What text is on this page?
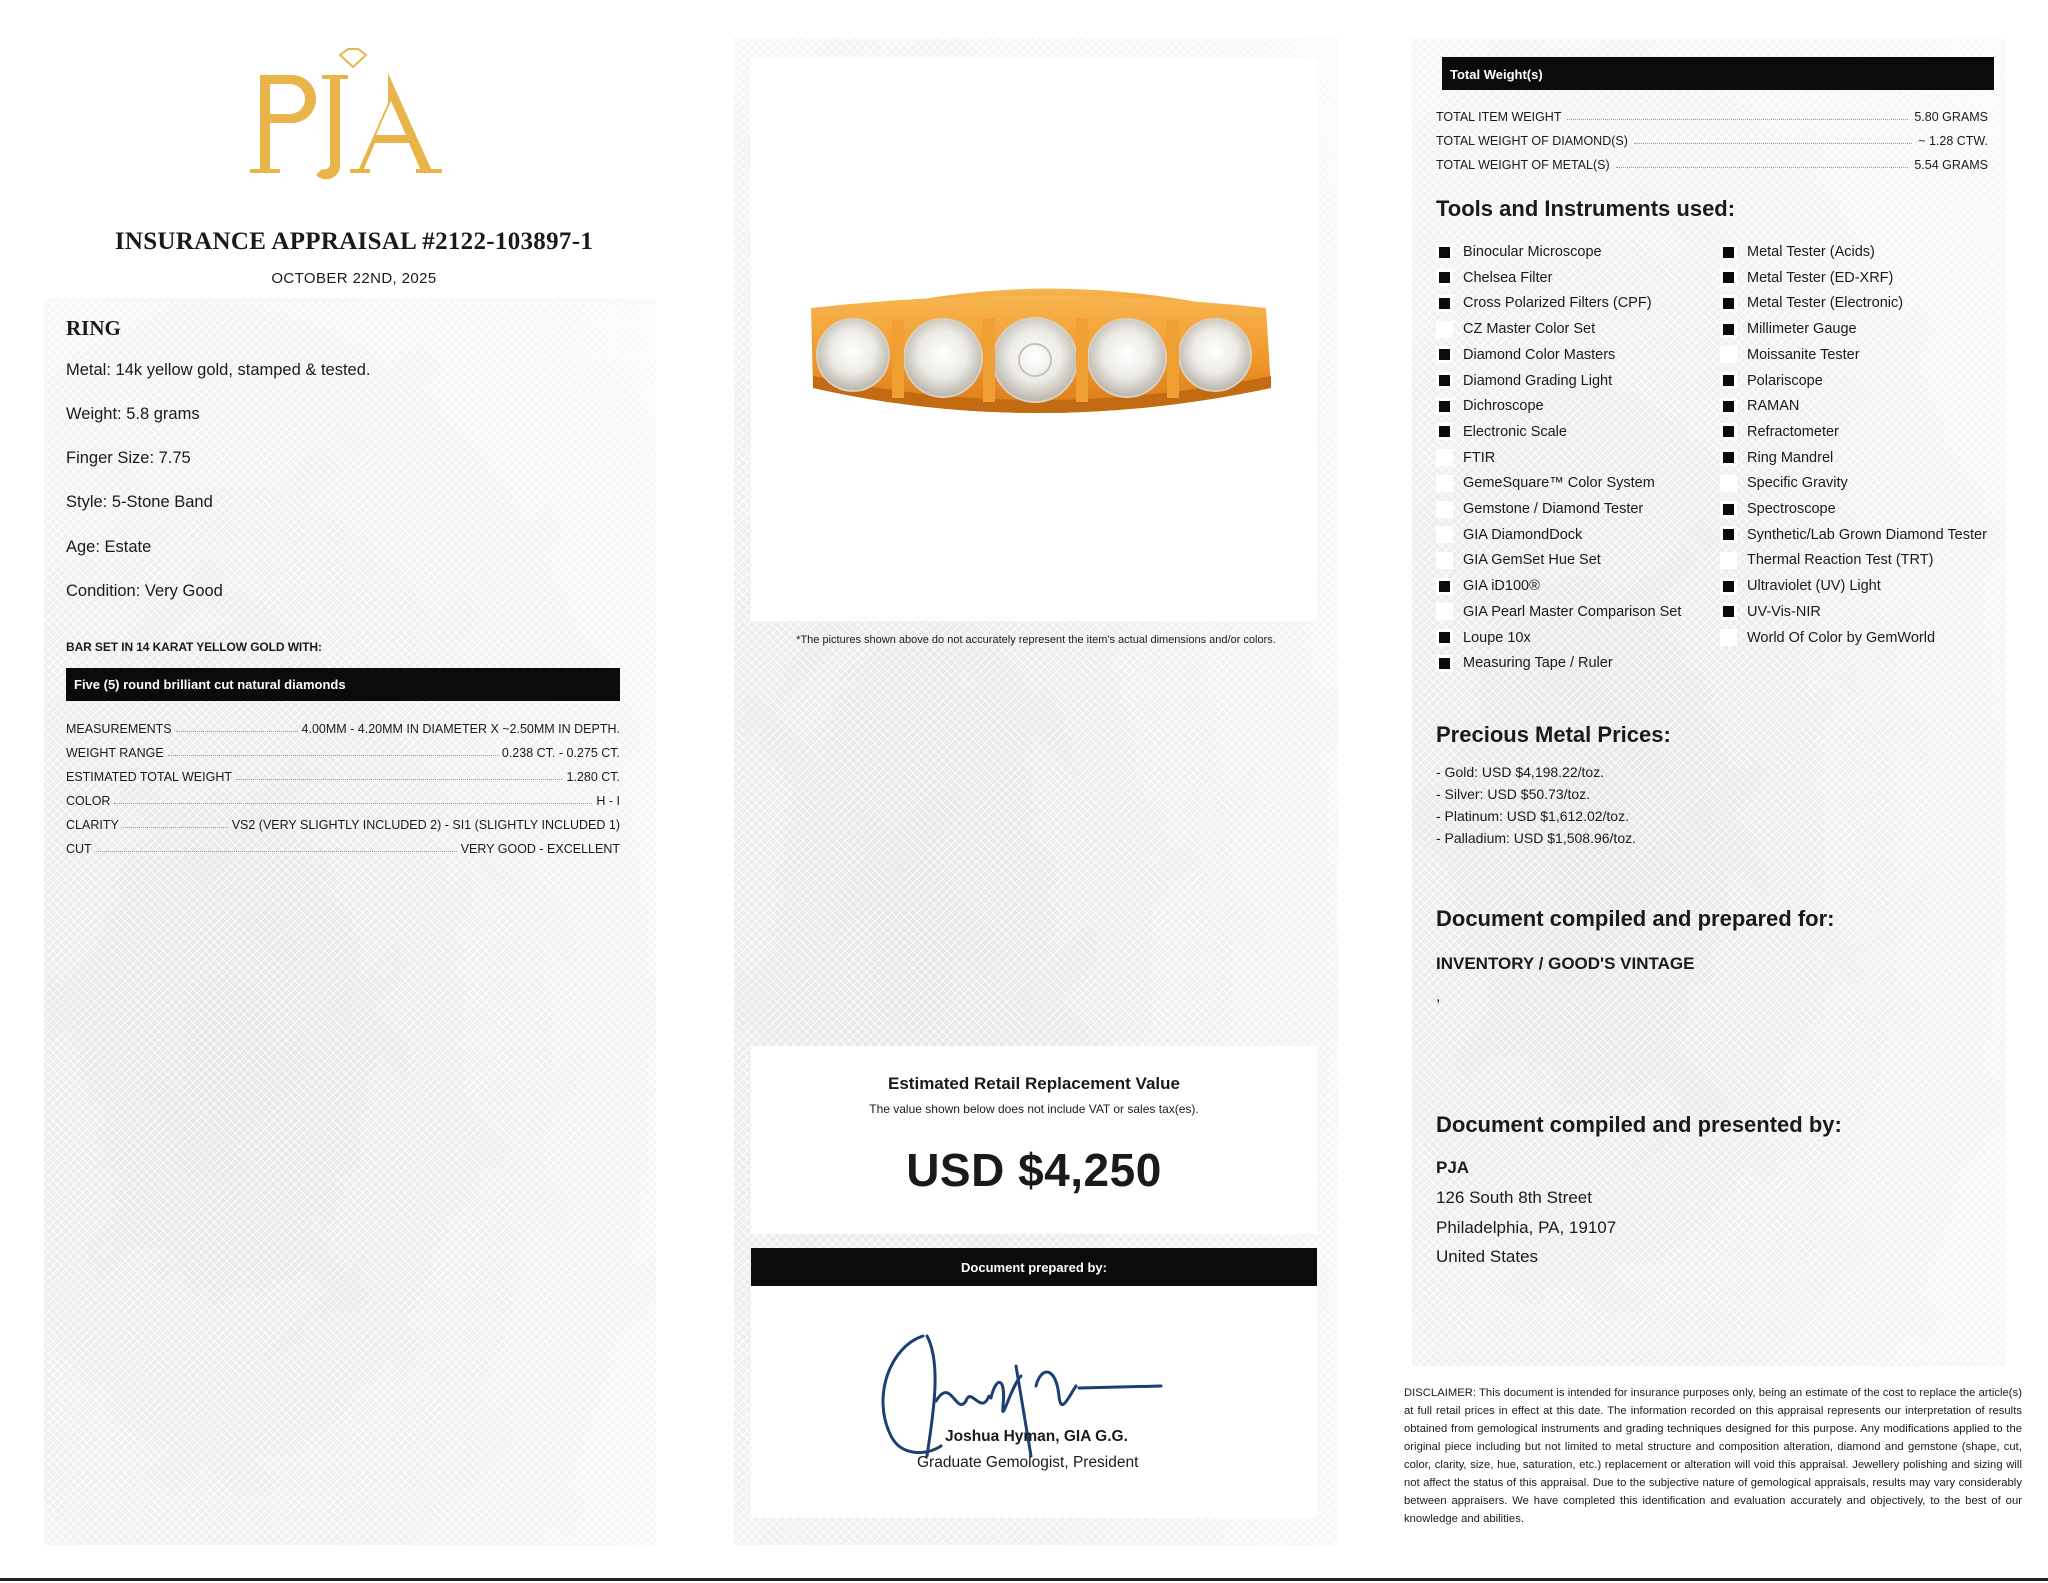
INSURANCE APPRAISAL #2122-103897-1
OCTOBER 22ND, 2025
RING
Metal: 14k yellow gold, stamped & tested.
Weight: 5.8 grams
Finger Size: 7.75
Style: 5-Stone Band
Age: Estate
Condition: Very Good
BAR SET IN 14 KARAT YELLOW GOLD WITH:
Five (5) round brilliant cut natural diamonds
MEASUREMENTS	4.00MM - 4.20MM IN DIAMETER X ~2.50MM IN DEPTH.
WEIGHT RANGE	0.238 CT. - 0.275 CT.
ESTIMATED TOTAL WEIGHT	1.280 CT.
COLOR	H - I
CLARITY	VS2 (VERY SLIGHTLY INCLUDED 2) - SI1 (SLIGHTLY INCLUDED 1)
CUT	VERY GOOD - EXCELLENT
*The pictures shown above do not accurately represent the item's actual dimensions and/or colors.
Estimated Retail Replacement Value
The value shown below does not include VAT or sales tax(es).
USD $4,250
Document prepared by:
Joshua Hyman, GIA G.G.
Graduate Gemologist, President
Total Weight(s)
TOTAL ITEM WEIGHT	5.80 GRAMS
TOTAL WEIGHT OF DIAMOND(S)	~ 1.28 CTW.
TOTAL WEIGHT OF METAL(S)	5.54 GRAMS
Tools and Instruments used:
Precious Metal Prices:
- Gold: USD $4,198.22/toz.
- Silver: USD $50.73/toz.
- Platinum: USD $1,612.02/toz.
- Palladium: USD $1,508.96/toz.
Document compiled and prepared for:
INVENTORY / GOOD'S VINTAGE
,
Document compiled and presented by:
PJA
126 South 8th Street
Philadelphia, PA, 19107
United States
Binocular Microscope
Chelsea Filter
Cross Polarized Filters (CPF)
CZ Master Color Set
Diamond Color Masters
Diamond Grading Light
Dichroscope
Electronic Scale
FTIR
GemeSquare™ Color System
Gemstone / Diamond Tester
GIA DiamondDock
GIA GemSet Hue Set
GIA iD100®
GIA Pearl Master Comparison Set
Loupe 10x
Measuring Tape / Ruler
Metal Tester (Acids)
Metal Tester (ED-XRF)
Metal Tester (Electronic)
Millimeter Gauge
Moissanite Tester
Polariscope
RAMAN
Refractometer
Ring Mandrel
Specific Gravity
Spectroscope
Synthetic/Lab Grown Diamond Tester
Thermal Reaction Test (TRT)
Ultraviolet (UV) Light
UV-Vis-NIR
World Of Color by GemWorld
DISCLAIMER: This document is intended for insurance purposes only, being an estimate of the cost to replace the article(s) at full retail prices in effect at this date. The information recorded on this appraisal represents our interpretation of results obtained from gemological instruments and grading techniques designed for this purpose. Any modifications applied to the original piece including but not limited to metal structure and composition alteration, diamond and gemstone (shape, cut, color, clarity, size, hue, saturation, etc.) replacement or alteration will void this appraisal. Jewellery polishing and sizing will not affect the status of this appraisal. Due to the subjective nature of gemological appraisals, results may vary considerably between appraisers. We have completed this identification and evaluation accurately and objectively, to the best of our knowledge and abilities.
